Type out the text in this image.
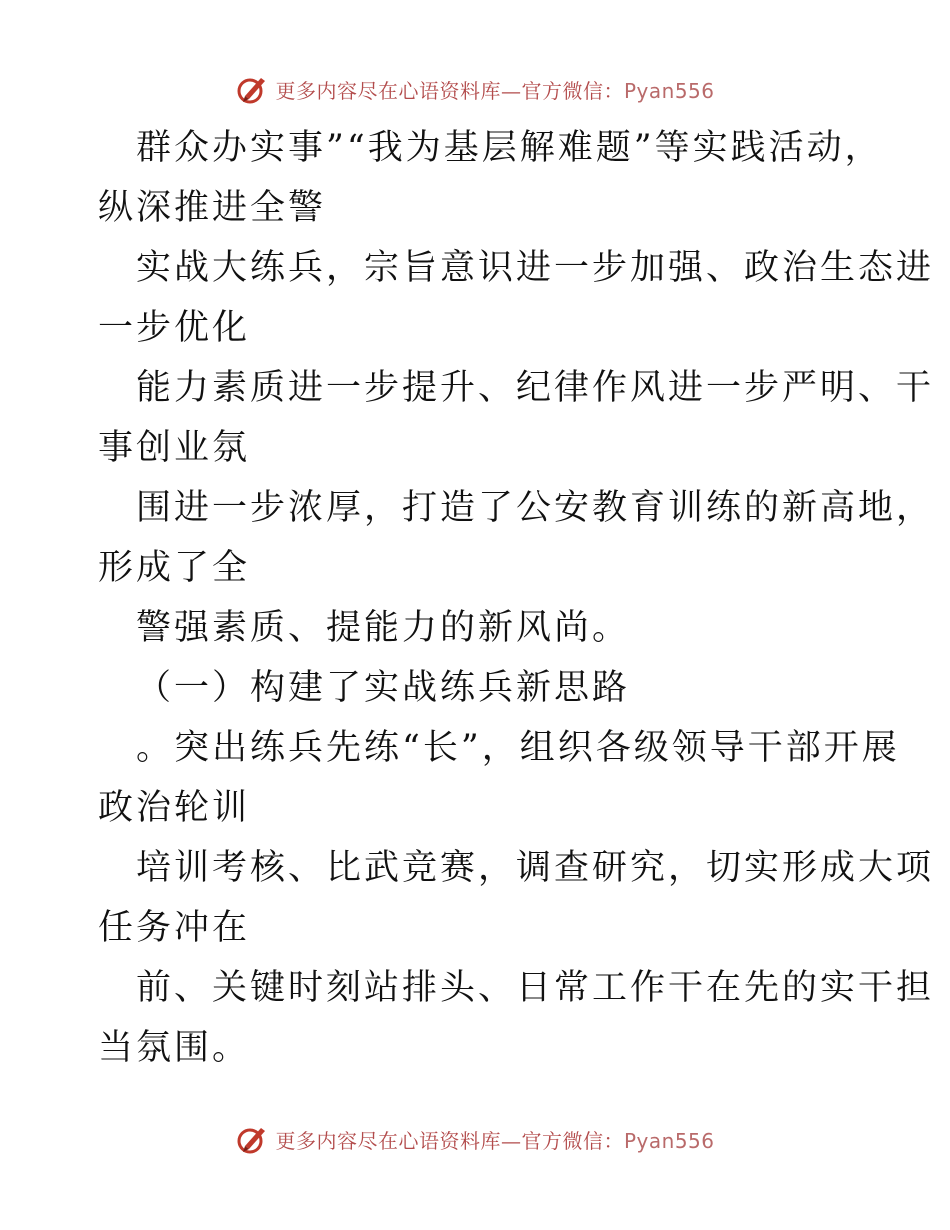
更多内容尽在心语资料库—官方微信：Pyan556
群众办实事”“我为基层解难题”等实践活动，
纵深推进全警
实战大练兵，宗旨意识进一步加强、政治生态进
一步优化
能力素质进一步提升、纪律作风进一步严明、干
事创业氛
围进一步浓厚，打造了公安教育训练的新高地，
形成了全
警强素质、提能力的新风尚。
（一）构建了实战练兵新思路
。突出练兵先练“长”，组织各级领导干部开展
政治轮训
培训考核、比武竞赛，调查研究，切实形成大项
任务冲在
前、关键时刻站排头、日常工作干在先的实干担
当氛围。
更多内容尽在心语资料库—官方微信：Pyan556
